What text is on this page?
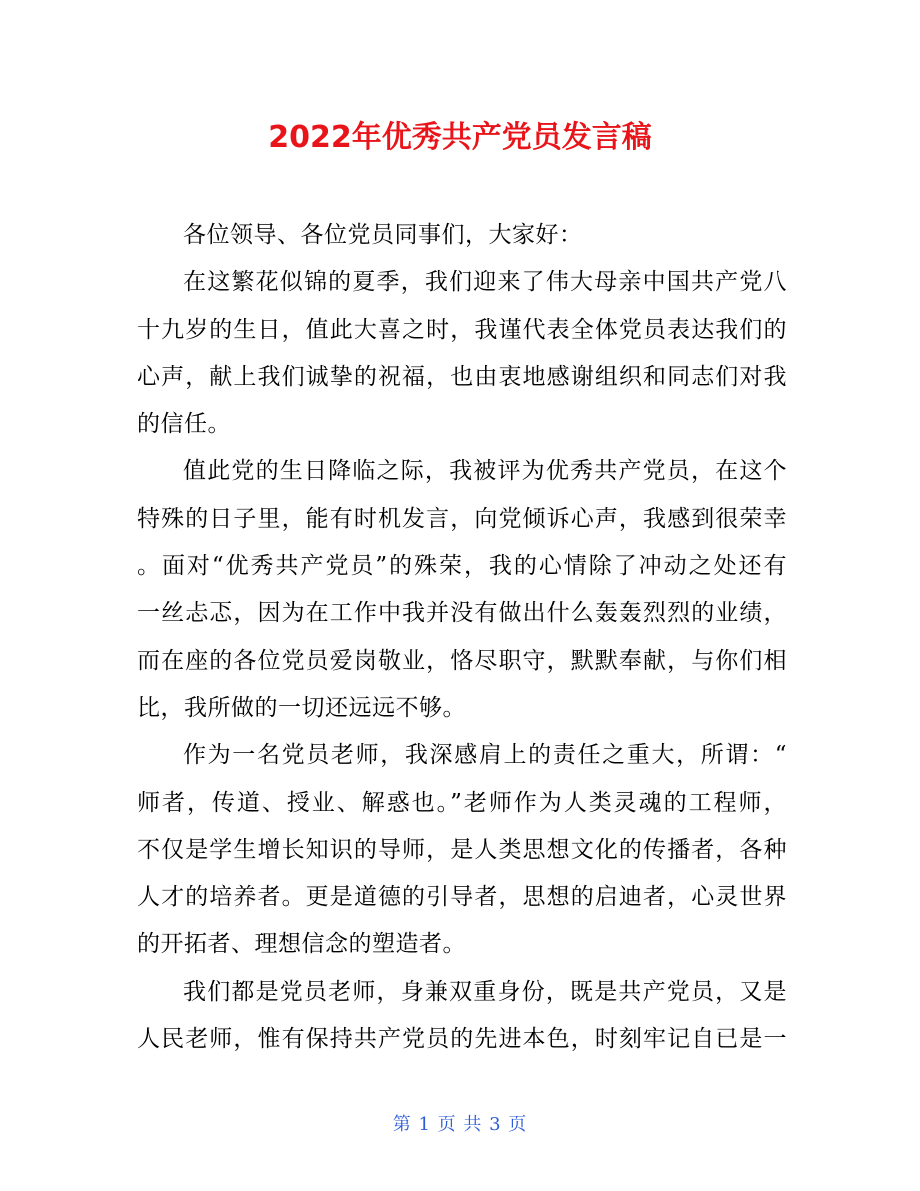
2022年优秀共产党员发言稿
各位领导、各位党员同事们，大家好：
在这繁花似锦的夏季，我们迎来了伟大母亲中国共产党八
十九岁的生日，值此大喜之时，我谨代表全体党员表达我们的
心声，献上我们诚挚的祝福，也由衷地感谢组织和同志们对我
的信任。
值此党的生日降临之际，我被评为优秀共产党员，在这个
特殊的日子里，能有时机发言，向党倾诉心声，我感到很荣幸
。面对“优秀共产党员”的殊荣，我的心情除了冲动之处还有
一丝忐忑，因为在工作中我并没有做出什么轰轰烈烈的业绩，
而在座的各位党员爱岗敬业，恪尽职守，默默奉献，与你们相
比，我所做的一切还远远不够。
作为一名党员老师，我深感肩上的责任之重大，所谓：“
师者，传道、授业、解惑也。”老师作为人类灵魂的工程师，
不仅是学生增长知识的导师，是人类思想文化的传播者，各种
人才的培养者。更是道德的引导者，思想的启迪者，心灵世界
的开拓者、理想信念的塑造者。
我们都是党员老师，身兼双重身份，既是共产党员，又是
人民老师，惟有保持共产党员的先进本色，时刻牢记自已是一
第 1 页 共 3 页
